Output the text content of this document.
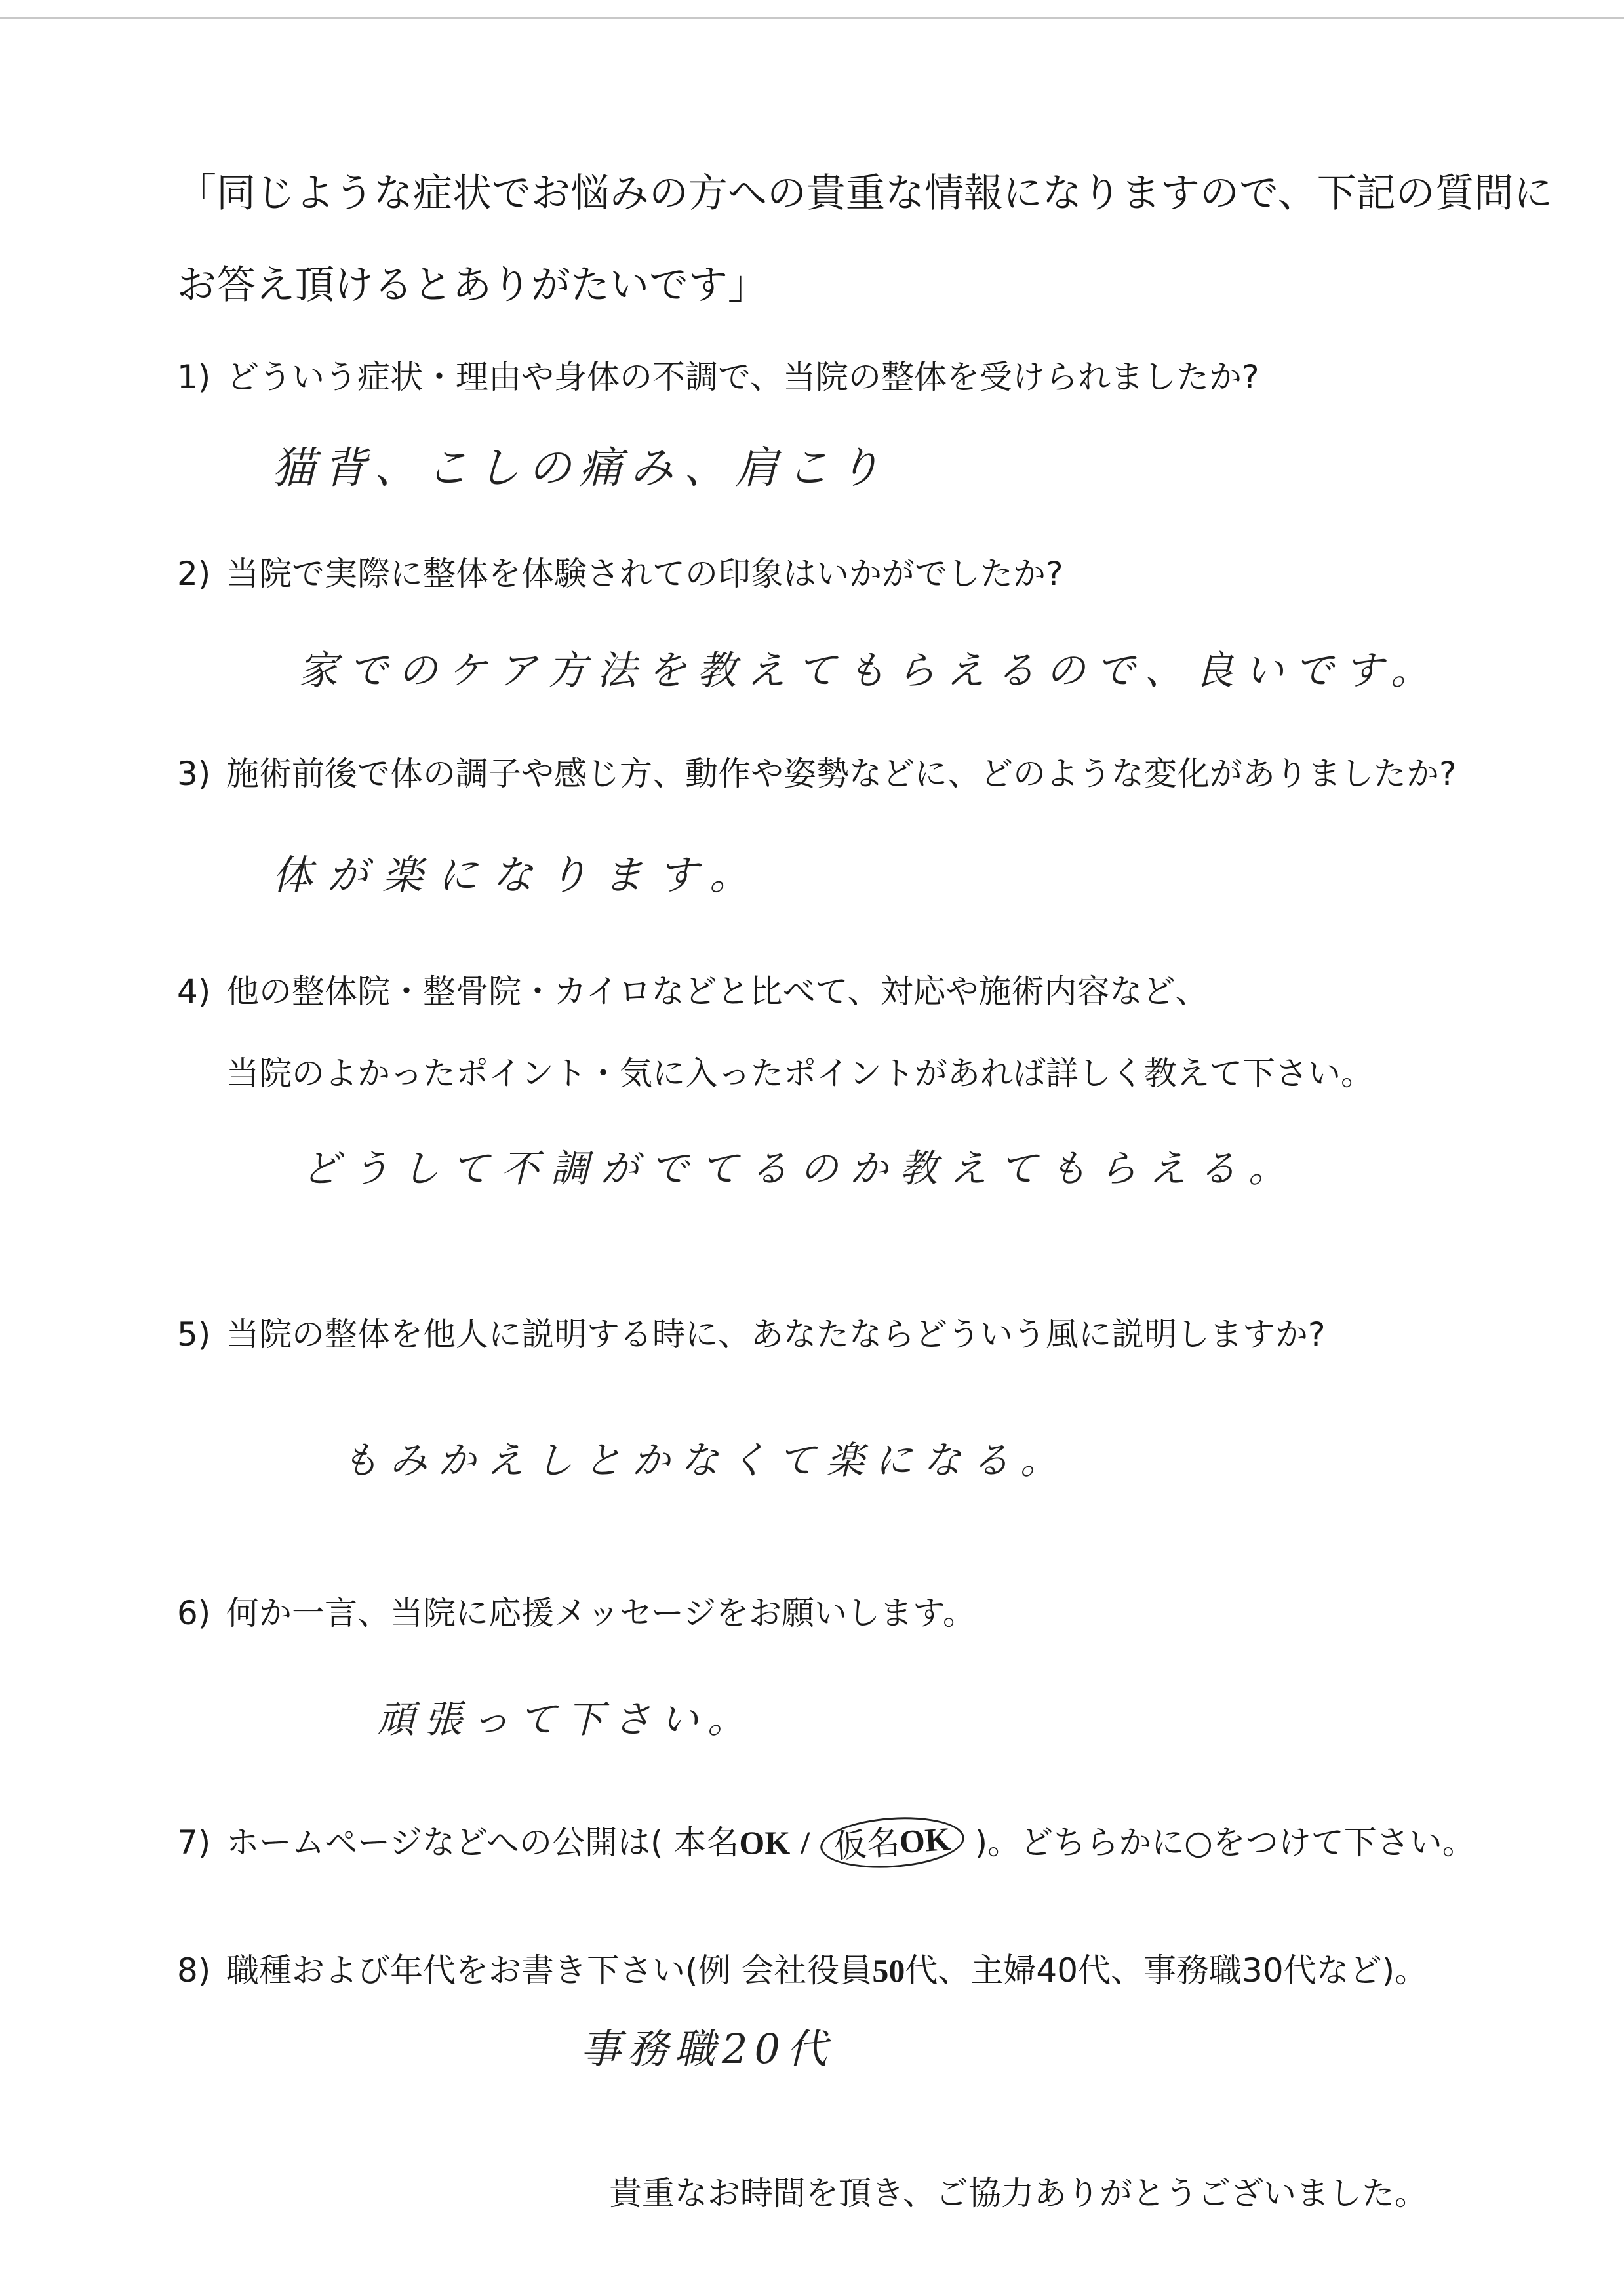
「同じような症状でお悩みの方への貴重な情報になりますので、下記の質問に
お答え頂けるとありがたいです」
1) どういう症状・理由や身体の不調で、当院の整体を受けられましたか?
猫背、こしの痛み、肩こり
2) 当院で実際に整体を体験されての印象はいかがでしたか?
家でのケア方法を教えてもらえるので、良いです。
3) 施術前後で体の調子や感じ方、動作や姿勢などに、どのような変化がありましたか?
体が楽になります。
4) 他の整体院・整骨院・カイロなどと比べて、対応や施術内容など、
当院のよかったポイント・気に入ったポイントがあれば詳しく教えて下さい。
どうして不調がでてるのか教えてもらえる。
5) 当院の整体を他人に説明する時に、あなたならどういう風に説明しますか?
もみかえしとかなくて楽になる。
6) 何か一言、当院に応援メッセージをお願いします。
頑張って下さい。
7) ホームページなどへの公開は( 本名OK / 仮名OK )。どちらかに○をつけて下さい。
8) 職種および年代をお書き下さい(例 会社役員50代、主婦40代、事務職30代など)。
事務職20代
貴重なお時間を頂き、ご協力ありがとうございました。
